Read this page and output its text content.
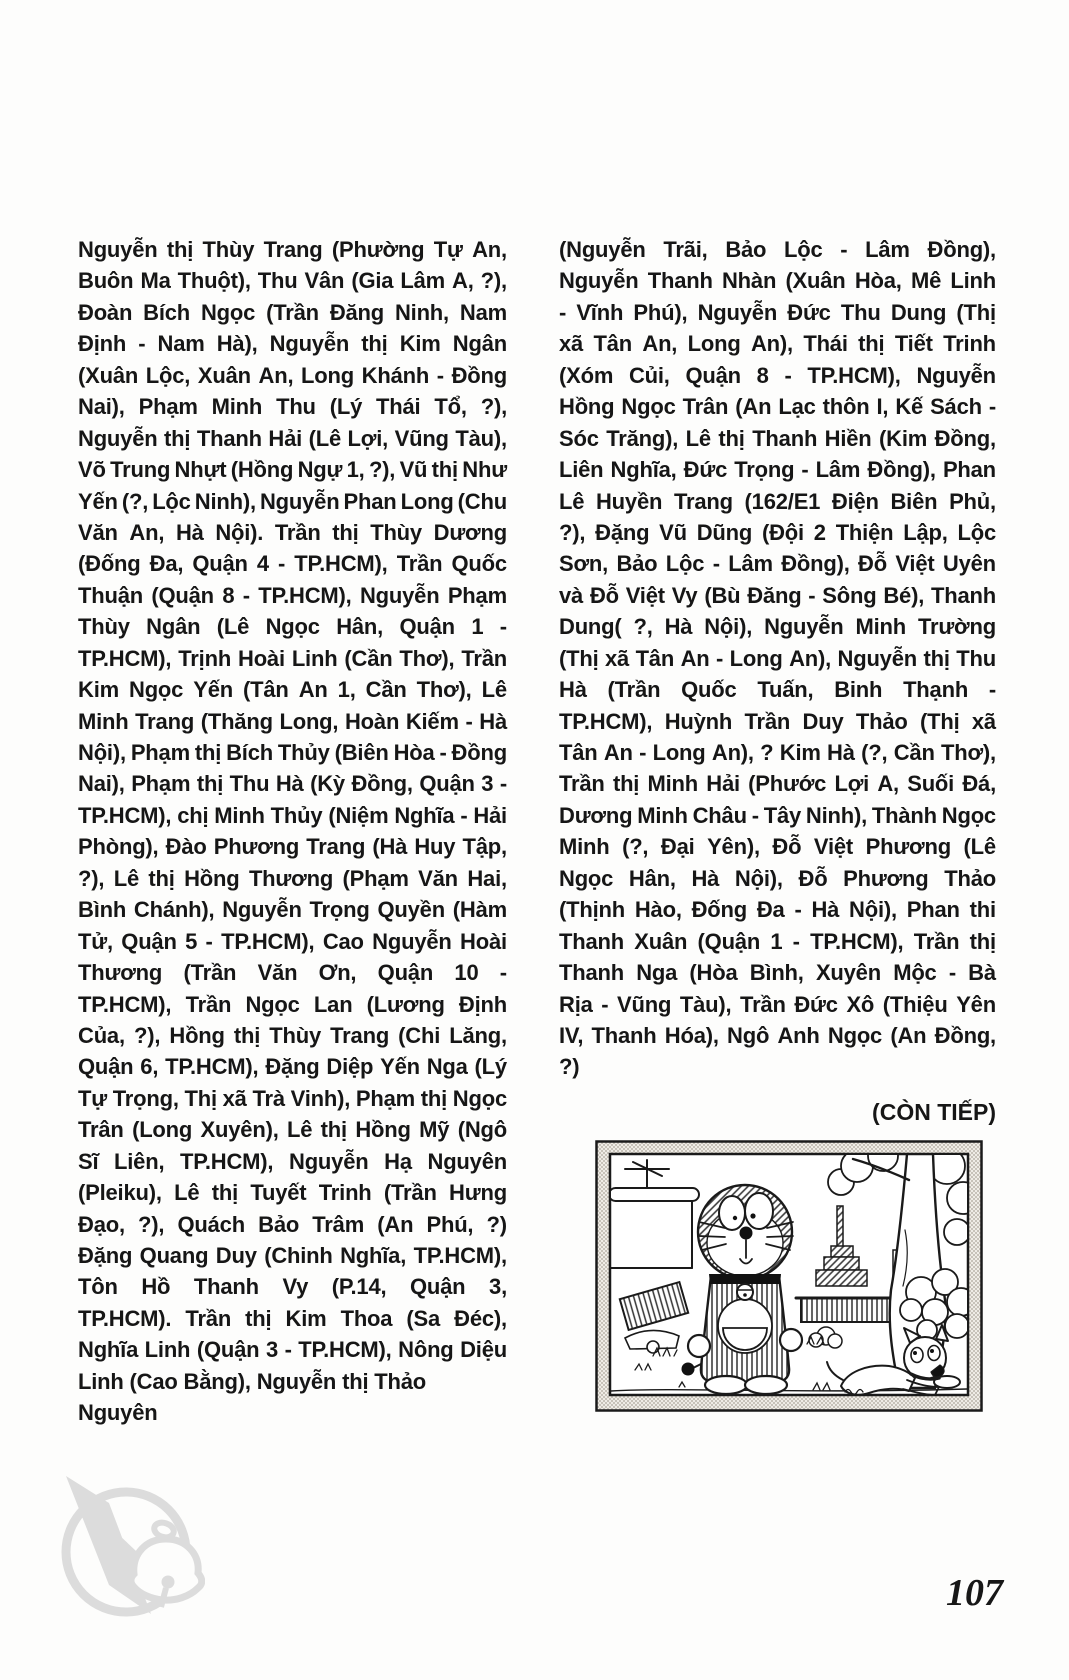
Nguyễn thị Thùy Trang (Phường Tự An,
Buôn Ma Thuột), Thu Vân (Gia Lâm A, ?),
Đoàn Bích Ngọc (Trần Đăng Ninh, Nam
Định - Nam Hà), Nguyễn thị Kim Ngân
(Xuân Lộc, Xuân An, Long Khánh - Đồng
Nai), Phạm Minh Thu (Lý Thái Tổ, ?),
Nguyễn thị Thanh Hải (Lê Lợi, Vũng Tàu),
Võ Trung Nhựt (Hồng Ngự 1, ?), Vũ thị Như
Yến (?, Lộc Ninh), Nguyễn Phan Long (Chu
Văn An, Hà Nội). Trần thị Thùy Dương
(Đống Đa, Quận 4 - TP.HCM), Trần Quốc
Thuận (Quận 8 - TP.HCM), Nguyễn Phạm
Thùy Ngân (Lê Ngọc Hân, Quận 1 -
TP.HCM), Trịnh Hoài Linh (Cần Thơ), Trần
Kim Ngọc Yến (Tân An 1, Cần Thơ), Lê
Minh Trang (Thăng Long, Hoàn Kiếm - Hà
Nội), Phạm thị Bích Thủy (Biên Hòa - Đồng
Nai), Phạm thị Thu Hà (Kỳ Đồng, Quận 3 -
TP.HCM), chị Minh Thủy (Niệm Nghĩa - Hải
Phòng), Đào Phương Trang (Hà Huy Tập,
?), Lê thị Hồng Thương (Phạm Văn Hai,
Bình Chánh), Nguyễn Trọng Quyền (Hàm
Tử, Quận 5 - TP.HCM), Cao Nguyễn Hoài
Thương (Trần Văn Ơn, Quận 10 -
TP.HCM), Trần Ngọc Lan (Lương Định
Của, ?), Hồng thị Thùy Trang (Chi Lăng,
Quận 6, TP.HCM), Đặng Diệp Yến Nga (Lý
Tự Trọng, Thị xã Trà Vinh), Phạm thị Ngọc
Trân (Long Xuyên), Lê thị Hồng Mỹ (Ngô
Sĩ Liên, TP.HCM), Nguyễn Hạ Nguyên
(Pleiku), Lê thị Tuyết Trinh (Trần Hưng
Đạo, ?), Quách Bảo Trâm (An Phú, ?)
Đặng Quang Duy (Chinh Nghĩa, TP.HCM),
Tôn Hồ Thanh Vy (P.14, Quận 3,
TP.HCM). Trần thị Kim Thoa (Sa Đéc),
Nghĩa Linh (Quận 3 - TP.HCM), Nông Diệu
Linh (Cao Bằng), Nguyễn thị Thảo Nguyên
(Nguyễn Trãi, Bảo Lộc - Lâm Đồng),
Nguyễn Thanh Nhàn (Xuân Hòa, Mê Linh
- Vĩnh Phú), Nguyễn Đức Thu Dung (Thị
xã Tân An, Long An), Thái thị Tiết Trinh
(Xóm Củi, Quận 8 - TP.HCM), Nguyễn
Hồng Ngọc Trân (An Lạc thôn I, Kế Sách -
Sóc Trăng), Lê thị Thanh Hiền (Kim Đồng,
Liên Nghĩa, Đức Trọng - Lâm Đồng), Phan
Lê Huyền Trang (162/E1 Điện Biên Phủ,
?), Đặng Vũ Dũng (Đội 2 Thiện Lập, Lộc
Sơn, Bảo Lộc - Lâm Đồng), Đỗ Việt Uyên
và Đỗ Việt Vy (Bù Đăng - Sông Bé), Thanh
Dung( ?, Hà Nội), Nguyễn Minh Trường
(Thị xã Tân An - Long An), Nguyễn thị Thu
Hà (Trần Quốc Tuấn, Binh Thạnh -
TP.HCM), Huỳnh Trần Duy Thảo (Thị xã
Tân An - Long An), ? Kim Hà (?, Cần Thơ),
Trần thị Minh Hải (Phước Lợi A, Suối Đá,
Dương Minh Châu - Tây Ninh), Thành Ngọc
Minh (?, Đại Yên), Đỗ Việt Phương (Lê
Ngọc Hân, Hà Nội), Đỗ Phương Thảo
(Thịnh Hào, Đống Đa - Hà Nội), Phan thi
Thanh Xuân (Quận 1 - TP.HCM), Trần thị
Thanh Nga (Hòa Bình, Xuyên Mộc - Bà
Rịa - Vũng Tàu), Trần Đức Xô (Thiệu Yên
IV, Thanh Hóa), Ngô Anh Ngọc (An Đồng,
?)
(CÒN TIẾP)
107
